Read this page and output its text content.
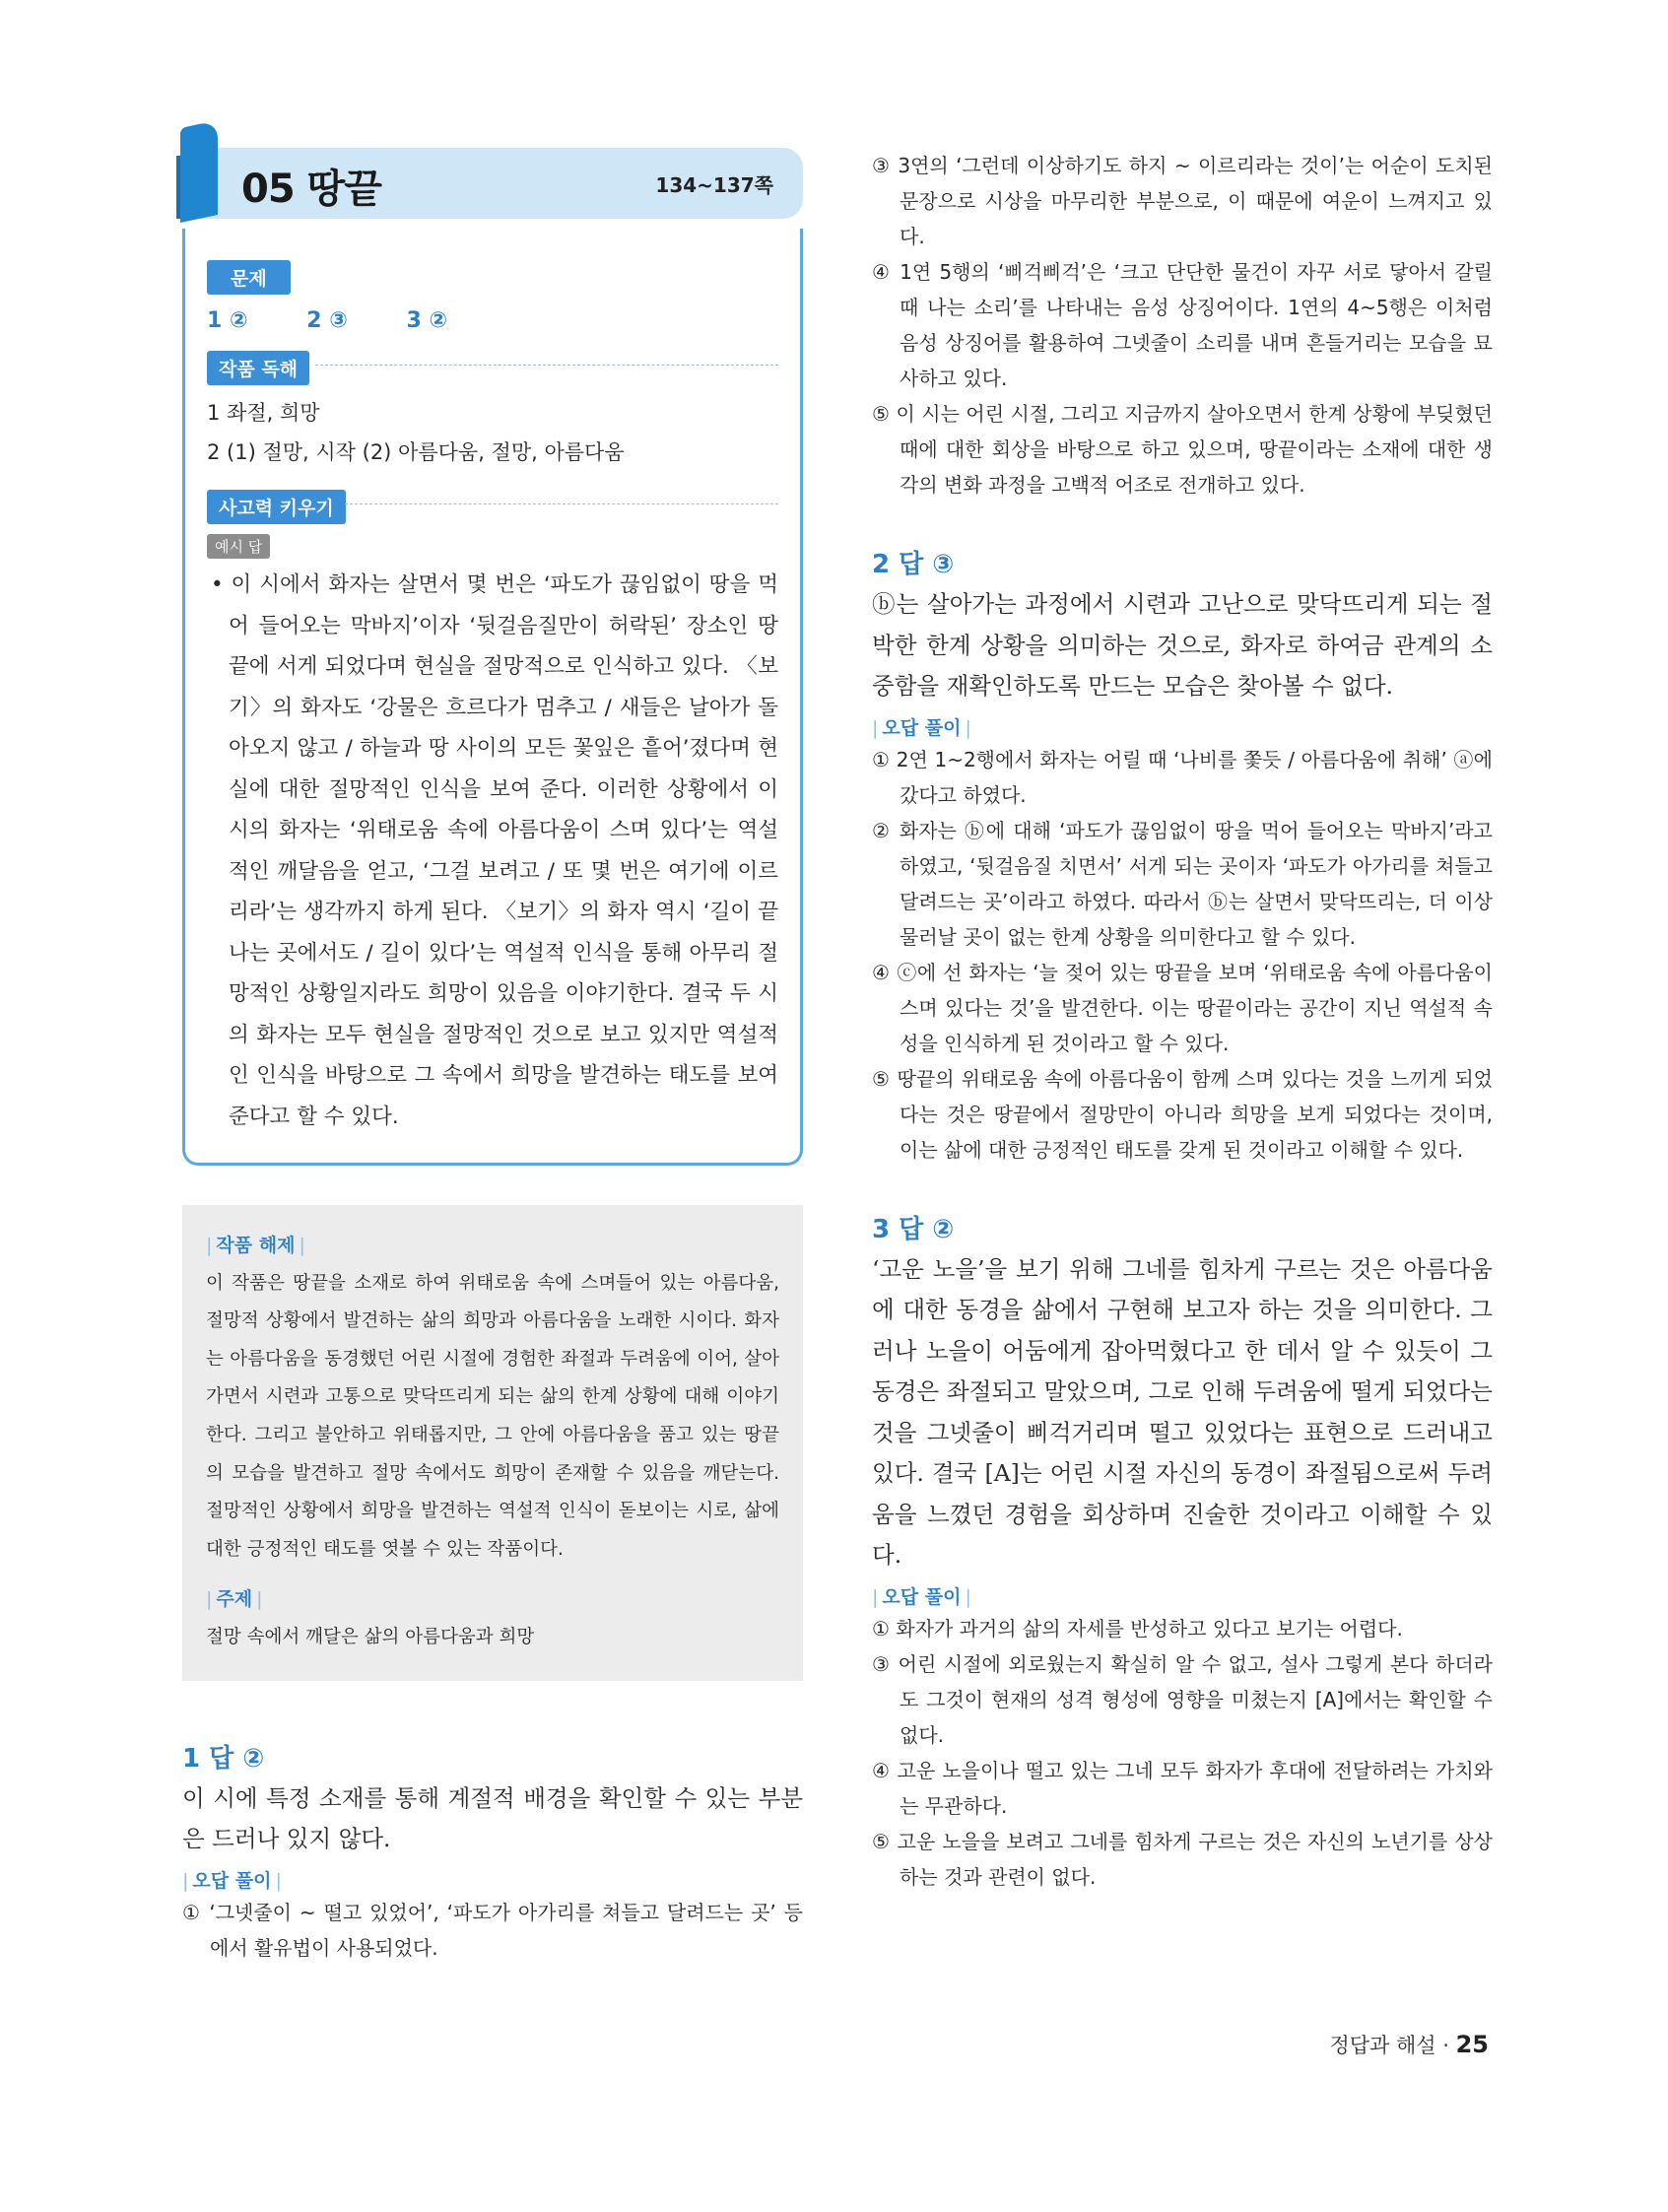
05 땅끝	134~137쪽
문제
1 ②	2 ③	3 ②
작품 독해
1 좌절, 희망
2 (1) 절망, 시작 (2) 아름다움, 절망, 아름다움
사고력 키우기
예시 답
• 이 시에서 화자는 살면서 몇 번은 ‘파도가 끊임없이 땅을 먹어 들어오는 막바지’이자 ‘뒷걸음질만이 허락된’ 장소인 땅끝에 서게 되었다며 현실을 절망적으로 인식하고 있다. 〈보기〉의 화자도 ‘강물은 흐르다가 멈추고 / 새들은 날아가 돌아오지 않고 / 하늘과 땅 사이의 모든 꽃잎은 흩어’졌다며 현실에 대한 절망적인 인식을 보여 준다. 이러한 상황에서 이 시의 화자는 ‘위태로움 속에 아름다움이 스며 있다’는 역설적인 깨달음을 얻고, ‘그걸 보려고 / 또 몇 번은 여기에 이르리라’는 생각까지 하게 된다. 〈보기〉의 화자 역시 ‘길이 끝나는 곳에서도 / 길이 있다’는 역설적 인식을 통해 아무리 절망적인 상황일지라도 희망이 있음을 이야기한다. 결국 두 시의 화자는 모두 현실을 절망적인 것으로 보고 있지만 역설적인 인식을 바탕으로 그 속에서 희망을 발견하는 태도를 보여 준다고 할 수 있다.
| 작품 해제 |
이 작품은 땅끝을 소재로 하여 위태로움 속에 스며들어 있는 아름다움, 절망적 상황에서 발견하는 삶의 희망과 아름다움을 노래한 시이다. 화자는 아름다움을 동경했던 어린 시절에 경험한 좌절과 두려움에 이어, 살아가면서 시련과 고통으로 맞닥뜨리게 되는 삶의 한계 상황에 대해 이야기한다. 그리고 불안하고 위태롭지만, 그 안에 아름다움을 품고 있는 땅끝의 모습을 발견하고 절망 속에서도 희망이 존재할 수 있음을 깨닫는다. 절망적인 상황에서 희망을 발견하는 역설적 인식이 돋보이는 시로, 삶에 대한 긍정적인 태도를 엿볼 수 있는 작품이다.
| 주제 |
절망 속에서 깨달은 삶의 아름다움과 희망
1 답 ②
이 시에 특정 소재를 통해 계절적 배경을 확인할 수 있는 부분은 드러나 있지 않다.
| 오답 풀이 |
① ‘그넷줄이 ~ 떨고 있었어’, ‘파도가 아가리를 쳐들고 달려드는 곳’ 등에서 활유법이 사용되었다.
③ 3연의 ‘그런데 이상하기도 하지 ~ 이르리라는 것이’는 어순이 도치된 문장으로 시상을 마무리한 부분으로, 이 때문에 여운이 느껴지고 있다.
④ 1연 5행의 ‘삐걱삐걱’은 ‘크고 단단한 물건이 자꾸 서로 닿아서 갈릴 때 나는 소리’를 나타내는 음성 상징어이다. 1연의 4~5행은 이처럼 음성 상징어를 활용하여 그넷줄이 소리를 내며 흔들거리는 모습을 묘사하고 있다.
⑤ 이 시는 어린 시절, 그리고 지금까지 살아오면서 한계 상황에 부딪혔던 때에 대한 회상을 바탕으로 하고 있으며, 땅끝이라는 소재에 대한 생각의 변화 과정을 고백적 어조로 전개하고 있다.
2 답 ③
ⓑ는 살아가는 과정에서 시련과 고난으로 맞닥뜨리게 되는 절박한 한계 상황을 의미하는 것으로, 화자로 하여금 관계의 소중함을 재확인하도록 만드는 모습은 찾아볼 수 없다.
| 오답 풀이 |
① 2연 1~2행에서 화자는 어릴 때 ‘나비를 쫓듯 / 아름다움에 취해’ ⓐ에 갔다고 하였다.
② 화자는 ⓑ에 대해 ‘파도가 끊임없이 땅을 먹어 들어오는 막바지’라고 하였고, ‘뒷걸음질 치면서’ 서게 되는 곳이자 ‘파도가 아가리를 쳐들고 달려드는 곳’이라고 하였다. 따라서 ⓑ는 살면서 맞닥뜨리는, 더 이상 물러날 곳이 없는 한계 상황을 의미한다고 할 수 있다.
④ ⓒ에 선 화자는 ‘늘 젖어 있는 땅끝을 보며 ‘위태로움 속에 아름다움이 스며 있다는 것’을 발견한다. 이는 땅끝이라는 공간이 지닌 역설적 속성을 인식하게 된 것이라고 할 수 있다.
⑤ 땅끝의 위태로움 속에 아름다움이 함께 스며 있다는 것을 느끼게 되었다는 것은 땅끝에서 절망만이 아니라 희망을 보게 되었다는 것이며, 이는 삶에 대한 긍정적인 태도를 갖게 된 것이라고 이해할 수 있다.
3 답 ②
‘고운 노을’을 보기 위해 그네를 힘차게 구르는 것은 아름다움에 대한 동경을 삶에서 구현해 보고자 하는 것을 의미한다. 그러나 노을이 어둠에게 잡아먹혔다고 한 데서 알 수 있듯이 그 동경은 좌절되고 말았으며, 그로 인해 두려움에 떨게 되었다는 것을 그넷줄이 삐걱거리며 떨고 있었다는 표현으로 드러내고 있다. 결국 [A]는 어린 시절 자신의 동경이 좌절됨으로써 두려움을 느꼈던 경험을 회상하며 진술한 것이라고 이해할 수 있다.
| 오답 풀이 |
① 화자가 과거의 삶의 자세를 반성하고 있다고 보기는 어렵다.
③ 어린 시절에 외로웠는지 확실히 알 수 없고, 설사 그렇게 본다 하더라도 그것이 현재의 성격 형성에 영향을 미쳤는지 [A]에서는 확인할 수 없다.
④ 고운 노을이나 떨고 있는 그네 모두 화자가 후대에 전달하려는 가치와는 무관하다.
⑤ 고운 노을을 보려고 그네를 힘차게 구르는 것은 자신의 노년기를 상상하는 것과 관련이 없다.
정답과 해설 · 25
